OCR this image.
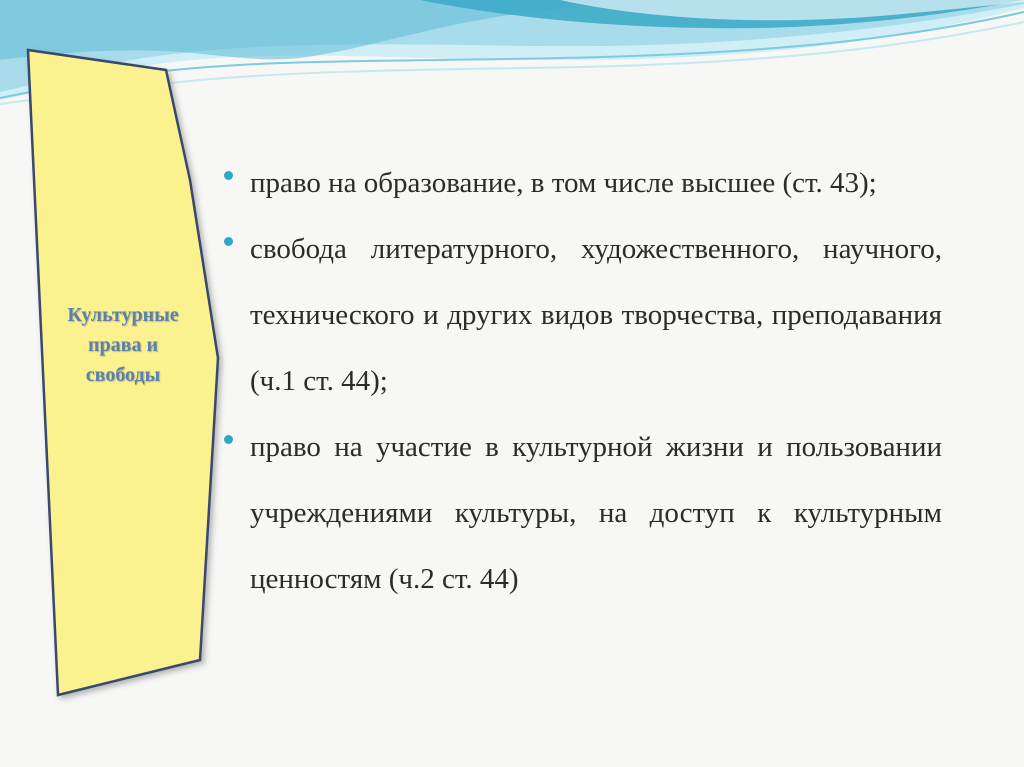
Культурные
права и
свободы
право на образование, в том числе высшее (ст. 43);
свобода литературного, художественного, научного, технического и других видов творчества, преподавания (ч.1 ст. 44);
право на участие в культурной жизни и пользовании учреждениями культуры, на доступ к культурным ценностям (ч.2 ст. 44)
